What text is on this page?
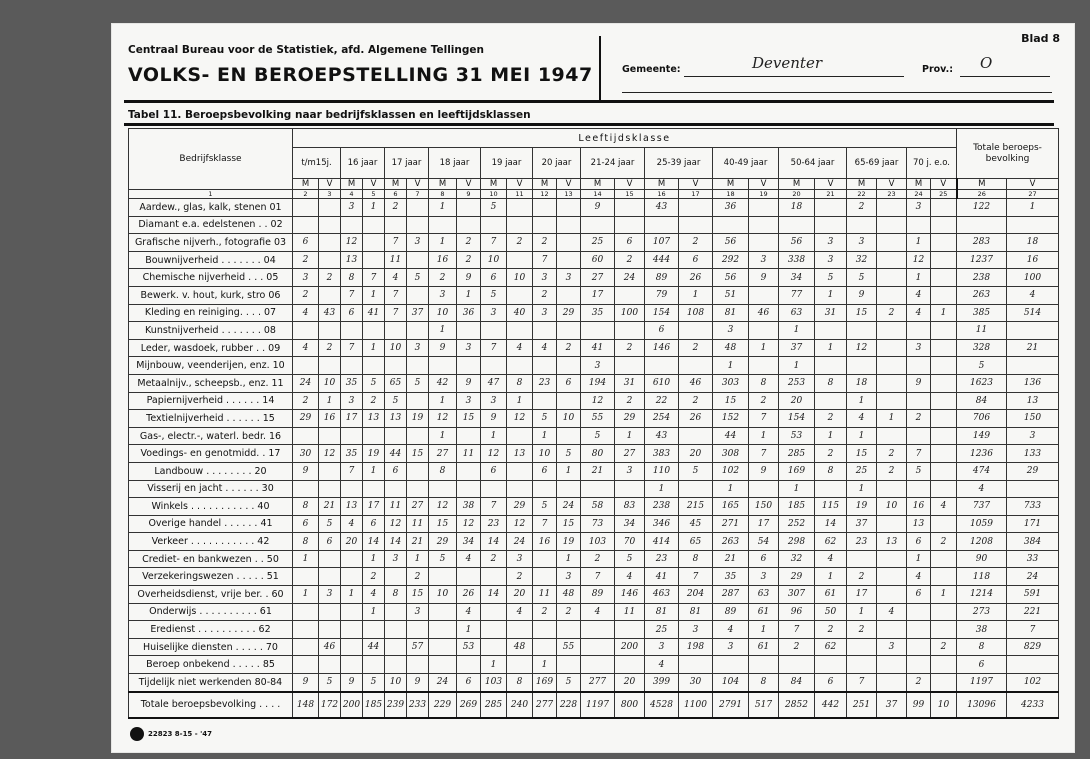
Blad 8
Centraal Bureau voor de Statistiek, afd. Algemene Tellingen
VOLKS- EN BEROEPSTELLING 31 MEI 1947	Gemeente:	Deventer	Prov.: O
Tabel 11. Beroepsbevolking naar bedrijfsklassen en leeftijdsklassen
Bedrijfsklasse	Leeftijdsklasse																								Totale beroeps-bevolking	
	t/m15j.		16 jaar		17 jaar		18 jaar		19 jaar		20 jaar		21-24 jaar		25-39 jaar		40-49 jaar		50-64 jaar		65-69 jaar		70 j. e.o.			
	M	V	M	V	M	V	M	V	M	V	M	V	M	V	M	V	M	V	M	V	M	V	M	V	M	V
1	2	3	4	5	6	7	8	9	10	11	12	13	14	15	16	17	18	19	20	21	22	23	24	25	26	27
Aardew., glas, kalk, stenen 01			3	1	2		1		5				9		43		36		18		2		3		122	1
Diamant e.a. edelstenen . . 02																										
Grafische nijverh., fotografie 03	6		12		7	3	1	2	7	2	2		25	6	107	2	56		56	3	3		1		283	18
Bouwnijverheid . . . . . . . 04	2		13		11		16	2	10		7		60	2	444	6	292	3	338	3	32		12		1237	16
Chemische nijverheid . . . 05	3	2	8	7	4	5	2	9	6	10	3	3	27	24	89	26	56	9	34	5	5		1		238	100
Bewerk. v. hout, kurk, stro 06	2		7	1	7		3	1	5		2		17		79	1	51		77	1	9		4		263	4
Kleding en reiniging. . . . 07	4	43	6	41	7	37	10	36	3	40	3	29	35	100	154	108	81	46	63	31	15	2	4	1	385	514
Kunstnijverheid . . . . . . . 08							1								6		3		1						11	
Leder, wasdoek, rubber . . 09	4	2	7	1	10	3	9	3	7	4	4	2	41	2	146	2	48	1	37	1	12		3		328	21
Mijnbouw, veenderijen, enz. 10													3				1		1						5	
Metaalnijv., scheepsb., enz. 11	24	10	35	5	65	5	42	9	47	8	23	6	194	31	610	46	303	8	253	8	18		9		1623	136
Papiernijverheid . . . . . . 14	2	1	3	2	5		1	3	3	1			12	2	22	2	15	2	20		1				84	13
Textielnijverheid . . . . . . 15	29	16	17	13	13	19	12	15	9	12	5	10	55	29	254	26	152	7	154	2	4	1	2		706	150
Gas-, electr.-, waterl. bedr. 16							1		1		1		5	1	43		44	1	53	1	1				149	3
Voedings- en genotmidd. . 17	30	12	35	19	44	15	27	11	12	13	10	5	80	27	383	20	308	7	285	2	15	2	7		1236	133
Landbouw . . . . . . . . 20	9		7	1	6		8		6		6	1	21	3	110	5	102	9	169	8	25	2	5		474	29
Visserij en jacht . . . . . . 30															1		1		1		1				4	
Winkels . . . . . . . . . . . 40	8	21	13	17	11	27	12	38	7	29	5	24	58	83	238	215	165	150	185	115	19	10	16	4	737	733
Overige handel . . . . . . 41	6	5	4	6	12	11	15	12	23	12	7	15	73	34	346	45	271	17	252	14	37		13		1059	171
Verkeer . . . . . . . . . . . 42	8	6	20	14	14	21	29	34	14	24	16	19	103	70	414	65	263	54	298	62	23	13	6	2	1208	384
Crediet- en bankwezen . . 50	1			1	3	1	5	4	2	3		1	2	5	23	8	21	6	32	4			1		90	33
Verzekeringswezen . . . . . 51				2		2				2		3	7	4	41	7	35	3	29	1	2		4		118	24
Overheidsdienst, vrije ber. . 60	1	3	1	4	8	15	10	26	14	20	11	48	89	146	463	204	287	63	307	61	17		6	1	1214	591
Onderwijs . . . . . . . . . . 61				1		3		4		4	2	2	4	11	81	81	89	61	96	50	1	4			273	221
Eredienst . . . . . . . . . . 62								1							25	3	4	1	7	2	2				38	7
Huiselijke diensten . . . . . 70		46		44		57		53		48		55		200	3	198	3	61	2	62		3		2	8	829
Beroep onbekend . . . . . 85									1		1				4										6	
Tijdelijk niet werkenden 80-84	9	5	9	5	10	9	24	6	103	8	169	5	277	20	399	30	104	8	84	6	7		2		1197	102
Totale beroepsbevolking . . . .	148	172	200	185	239	233	229	269	285	240	277	228	1197	800	4528	1100	2791	517	2852	442	251	37	99	10	13096	4233
22823 8-15 - '47
